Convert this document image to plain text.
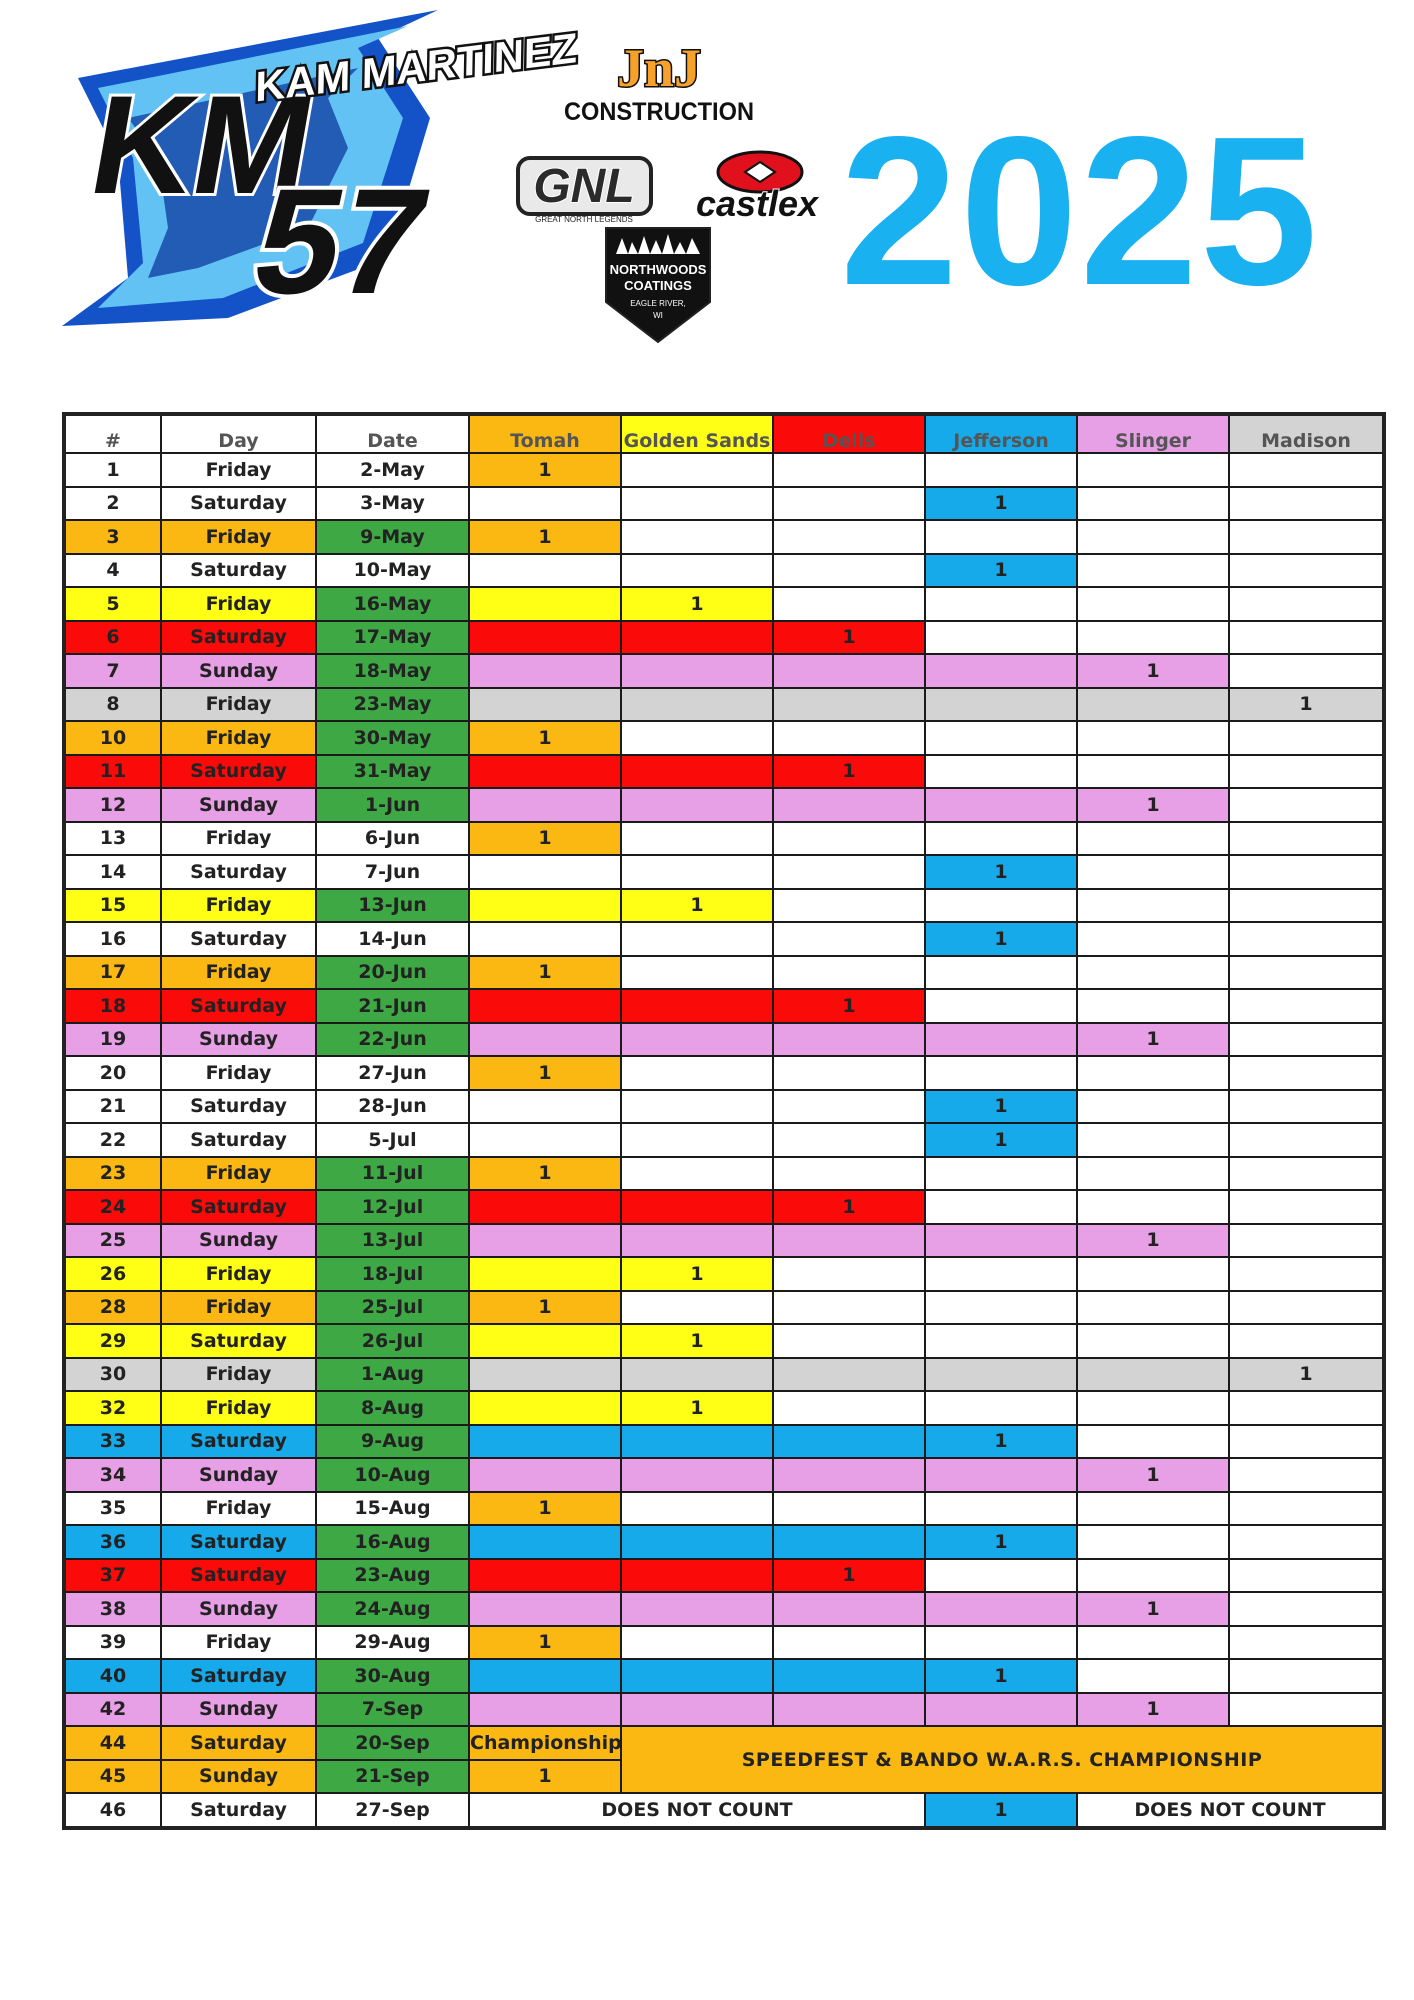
KM
KAM MARTINEZ
57
JnJ
CONSTRUCTION
GNL
GREAT NORTH LEGENDS castlex
NORTHWOODS
COATINGS
EAGLE RIVER,
WI 2025
#	Day	Date	Tomah	Golden Sands	Dells	Jefferson	Slinger	Madison
1	Friday	2-May	1					
2	Saturday	3-May				1		
3	Friday	9-May	1					
4	Saturday	10-May				1		
5	Friday	16-May		1				
6	Saturday	17-May			1			
7	Sunday	18-May					1	
8	Friday	23-May						1
10	Friday	30-May	1					
11	Saturday	31-May			1			
12	Sunday	1-Jun					1	
13	Friday	6-Jun	1					
14	Saturday	7-Jun				1		
15	Friday	13-Jun		1				
16	Saturday	14-Jun				1		
17	Friday	20-Jun	1					
18	Saturday	21-Jun			1			
19	Sunday	22-Jun					1	
20	Friday	27-Jun	1					
21	Saturday	28-Jun				1		
22	Saturday	5-Jul				1		
23	Friday	11-Jul	1					
24	Saturday	12-Jul			1			
25	Sunday	13-Jul					1	
26	Friday	18-Jul		1				
28	Friday	25-Jul	1					
29	Saturday	26-Jul		1				
30	Friday	1-Aug						1
32	Friday	8-Aug		1				
33	Saturday	9-Aug				1		
34	Sunday	10-Aug					1	
35	Friday	15-Aug	1					
36	Saturday	16-Aug				1		
37	Saturday	23-Aug			1			
38	Sunday	24-Aug					1	
39	Friday	29-Aug	1					
40	Saturday	30-Aug				1		
42	Sunday	7-Sep					1	
44	Saturday	20-Sep	Championship	SPEEDFEST & BANDO W.A.R.S. CHAMPIONSHIP				
45	Sunday	21-Sep	1					
46	Saturday	27-Sep	DOES NOT COUNT			1	DOES NOT COUNT	
